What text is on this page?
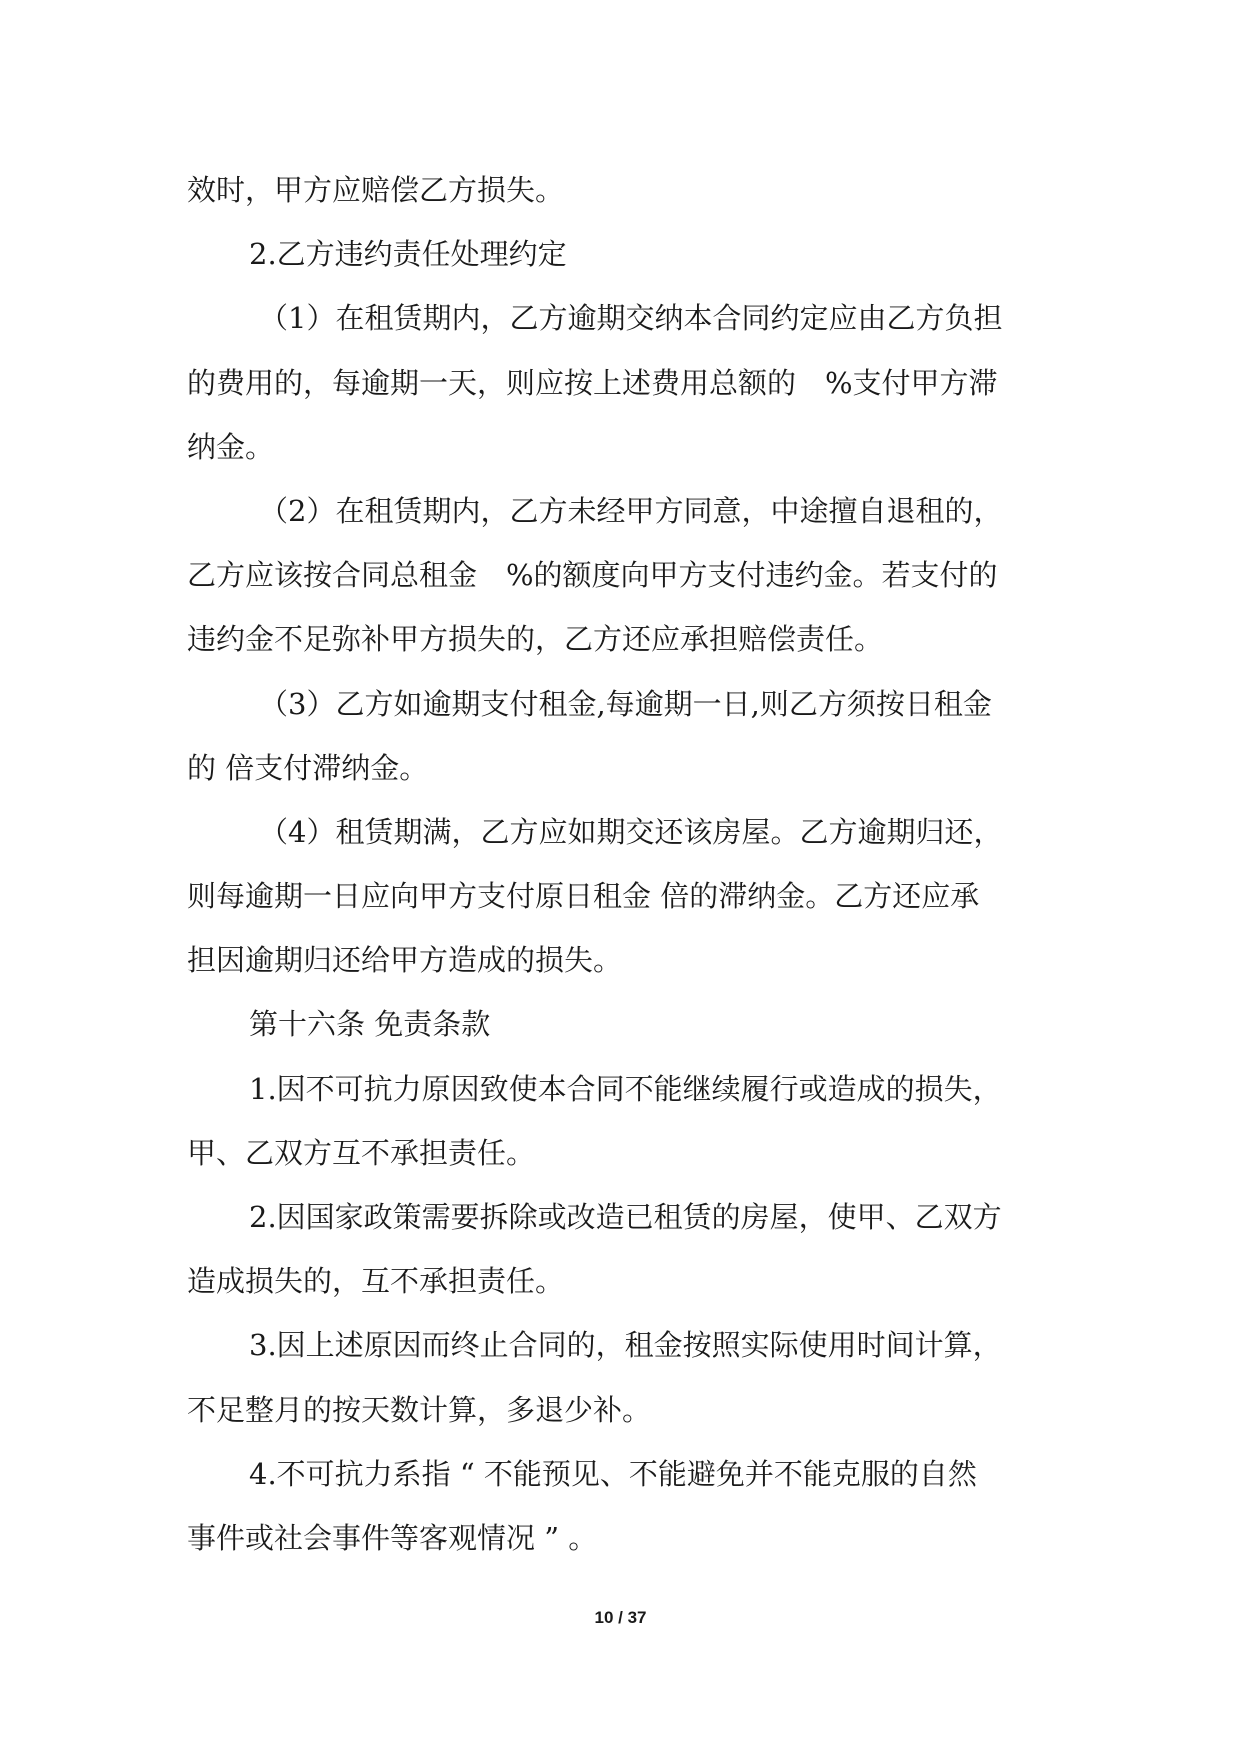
效时，甲方应赔偿乙方损失。
2.乙方违约责任处理约定
（1）在租赁期内，乙方逾期交纳本合同约定应由乙方负担
的费用的，每逾期一天，则应按上述费用总额的　%支付甲方滞
纳金。
（2）在租赁期内，乙方未经甲方同意，中途擅自退租的，
乙方应该按合同总租金　%的额度向甲方支付违约金。若支付的
违约金不足弥补甲方损失的，乙方还应承担赔偿责任。
（3）乙方如逾期支付租金,每逾期一日,则乙方须按日租金
的 倍支付滞纳金。
（4）租赁期满，乙方应如期交还该房屋。乙方逾期归还，
则每逾期一日应向甲方支付原日租金 倍的滞纳金。乙方还应承
担因逾期归还给甲方造成的损失。
第十六条 免责条款
1.因不可抗力原因致使本合同不能继续履行或造成的损失，
甲、乙双方互不承担责任。
2.因国家政策需要拆除或改造已租赁的房屋，使甲、乙双方
造成损失的，互不承担责任。
3.因上述原因而终止合同的，租金按照实际使用时间计算，
不足整月的按天数计算，多退少补。
4.不可抗力系指 “ 不能预见、不能避免并不能克服的自然
事件或社会事件等客观情况 ” 。
10 / 37
